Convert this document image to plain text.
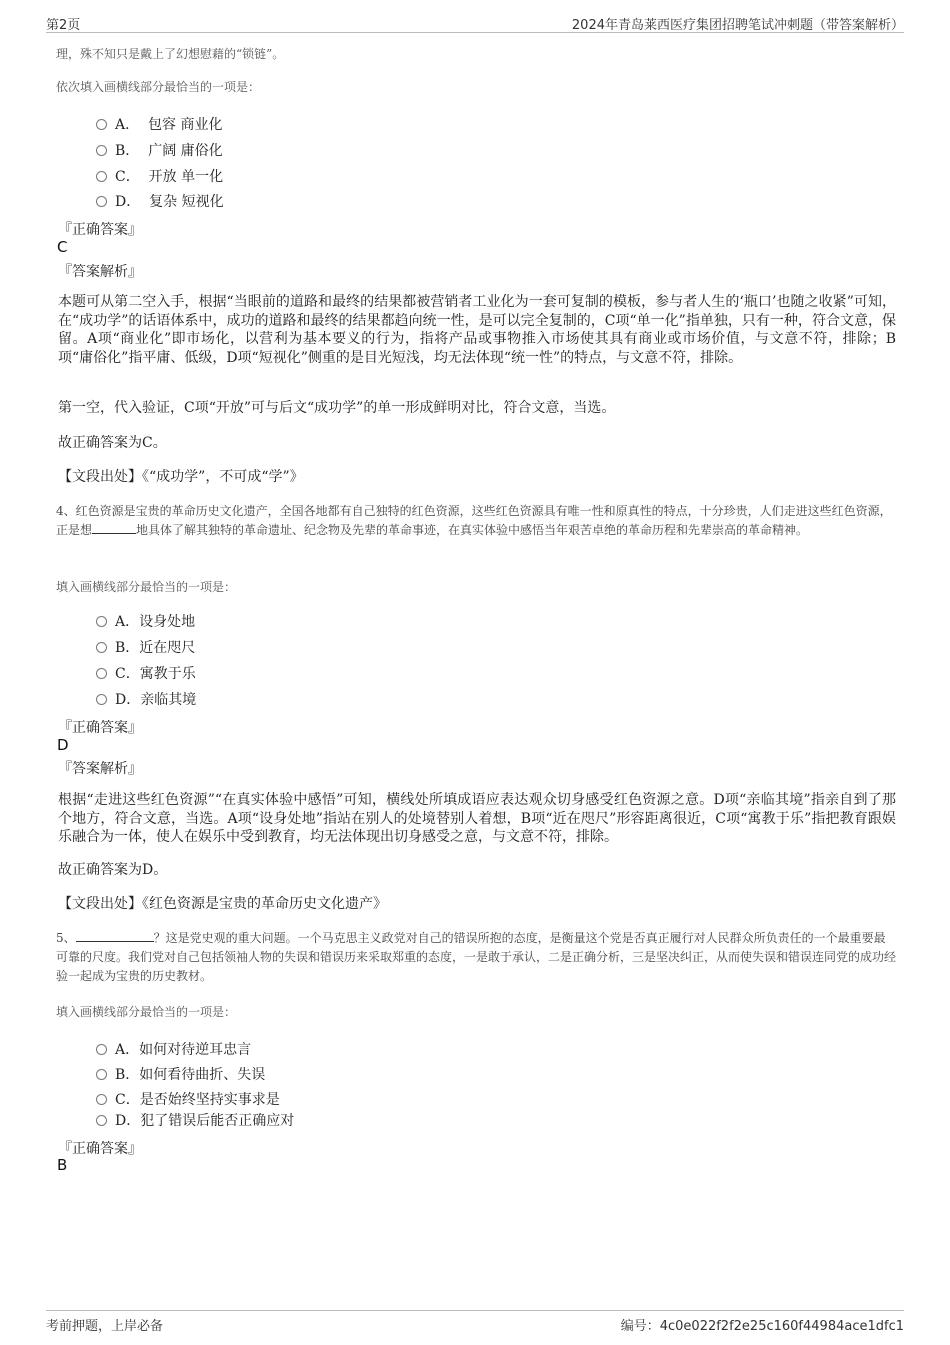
第2页	2024年青岛莱西医疗集团招聘笔试冲刺题（带答案解析）
理，殊不知只是戴上了幻想慰藉的“锁链”。
依次填入画横线部分最恰当的一项是：
A． 包容 商业化
B． 广阔 庸俗化
C． 开放 单一化
D． 复杂 短视化
『正确答案』
C
『答案解析』
本题可从第二空入手，根据“当眼前的道路和最终的结果都被营销者工业化为一套可复制的模板，参与者人生的‘瓶口’也随之收紧”可知，在“成功学”的话语体系中，成功的道路和最终的结果都趋向统一性，是可以完全复制的，C项“单一化”指单独，只有一种，符合文意，保留。A项“商业化”即市场化，以营利为基本要义的行为，指将产品或事物推入市场使其具有商业或市场价值，与文意不符，排除；B项“庸俗化”指平庸、低级，D项“短视化”侧重的是目光短浅，均无法体现“统一性”的特点，与文意不符，排除。
第一空，代入验证，C项“开放”可与后文“成功学”的单一形成鲜明对比，符合文意，当选。
故正确答案为C。
【文段出处】《“成功学”，不可成“学”》
4、红色资源是宝贵的革命历史文化遗产，全国各地都有自己独特的红色资源，这些红色资源具有唯一性和原真性的特点，十分珍贵，人们走进这些红色资源，正是想	地具体了解其独特的革命遗址、纪念物及先辈的革命事迹，在真实体验中感悟当年艰苦卓绝的革命历程和先辈崇高的革命精神。
填入画横线部分最恰当的一项是：
A．设身处地
B．近在咫尺
C．寓教于乐
D．亲临其境
『正确答案』
D
『答案解析』
根据“走进这些红色资源”“在真实体验中感悟”可知，横线处所填成语应表达观众切身感受红色资源之意。D项“亲临其境”指亲自到了那个地方，符合文意，当选。A项“设身处地”指站在别人的处境替别人着想，B项“近在咫尺”形容距离很近，C项“寓教于乐”指把教育跟娱乐融合为一体，使人在娱乐中受到教育，均无法体现出切身感受之意，与文意不符，排除。
故正确答案为D。
【文段出处】《红色资源是宝贵的革命历史文化遗产》
5、	？这是党史观的重大问题。一个马克思主义政党对自己的错误所抱的态度，是衡量这个党是否真正履行对人民群众所负责任的一个最重要最可靠的尺度。我们党对自己包括领袖人物的失误和错误历来采取郑重的态度，一是敢于承认，二是正确分析，三是坚决纠正，从而使失误和错误连同党的成功经验一起成为宝贵的历史教材。
填入画横线部分最恰当的一项是：
A．如何对待逆耳忠言
B．如何看待曲折、失误
C．是否始终坚持实事求是
D．犯了错误后能否正确应对
『正确答案』
B
考前押题，上岸必备	编号：4c0e022f2f2e25c160f44984ace1dfc1
